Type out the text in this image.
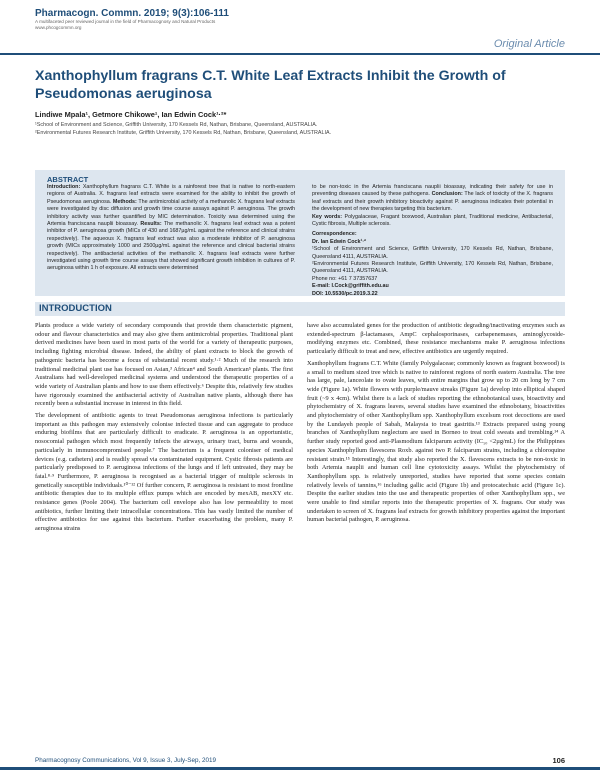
Pharmacogn. Commn. 2019; 9(3):106-111
A multifaceted peer reviewed journal in the field of Pharmacognosy and Natural Products
www.phcogcommn.org
Original Article
Xanthophyllum fragrans C.T. White Leaf Extracts Inhibit the Growth of Pseudomonas aeruginosa
Lindiwe Mpala¹, Getmore Chikowe¹, Ian Edwin Cock¹·²*
¹School of Environment and Science, Griffith University, 170 Kessels Rd, Nathan, Brisbane, Queensland, AUSTRALIA.
²Environmental Futures Research Institute, Griffith University, 170 Kessels Rd, Nathan, Brisbane, Queensland, AUSTRALIA.
ABSTRACT

Introduction: Xanthophyllum fragrans C.T. White is a rainforest tree that is native to north-eastern regions of Australia. X. fragrans leaf extracts were examined for the ability to inhibit the growth of Pseudomonas aeruginosa. Methods: The antimicrobial activity of a methanolic X. fragrans leaf extracts were investigated by disc diffusion and growth time course assays against P. aeruginosa. The growth inhibitory activity was further quantified by MIC determination. Toxicity was determined using the Artemia franciscana nauplii bioassay. Results: The methanolic X. fragrans leaf extract was a potent inhibitor of P. aeruginosa growth (MICs of 430 and 1687µg/mL against the reference and clinical strains respectively). The aqueous X. fragrans leaf extract was also a moderate inhibitor of P. aeruginosa growth (MICs approximately 1000 and 2500µg/mL against the reference and clinical bacterial strains respectively). The antibacterial activities of the methanolic X. fragrans leaf extracts were further investigated using growth time course assays that showed significant growth inhibition in cultures of P. aeruginosa within 1 h of exposure. All extracts were determined

to be non-toxic in the Artemia franciscana nauplii bioassay, indicating their safety for use in preventing diseases caused by these pathogens. Conclusion: The lack of toxicity of the X. fragrans leaf extracts and their growth inhibitory bioactivity against P. aeruginosa indicates their potential in the development of new therapies targeting this bacterium.

Key words: Polygalaceae, Fragant boxwood, Australian plant, Traditional medicine, Antibacterial, Cystic fibrosis, Multiple sclerosis.

Correspondence:

Dr. Ian Edwin Cock¹·²

¹School of Environment and Science, Griffith University, 170 Kessels Rd, Nathan, Brisbane, Queensland 4111, AUSTRALIA.

²Environmental Futures Research Institute, Griffith University, 170 Kessels Rd, Nathan, Brisbane, Queensland 4111, AUSTRALIA.

Phone no: +61 7 37357637

E-mail: I.Cock@griffith.edu.au

DOI: 10.5530/pc.2019.3.22

INTRODUCTION

Plants produce a wide variety of secondary compounds that provide them characteristic pigment, odour and flavour characteristics and may also give them antimicrobial properties. Traditional plant derived medicines have been used in most parts of the world for a variety of therapeutic purposes, including fighting microbial disease. Indeed, the ability of plant extracts to block the growth of pathogenic bacteria has become a focus of substantial recent study.¹·² Much of the research into traditional medicinal plant use has focused on Asian,³ African⁴ and South American⁵ plants. The first Australians had well-developed medicinal systems and understood the therapeutic properties of a wide variety of Australian plants and how to use them effectively.⁶ Despite this, relatively few studies have rigorously examined the antibacterial activity of Australian native plants, although there has recently been a substantial increase in interest in this field.

The development of antibiotic agents to treat Pseudomonas aeruginosa infections is particularly important as this pathogen may extensively colonise infected tissue and can aggregate to produce enduring biofilms that are particularly difficult to eradicate. P. aeruginosa is an opportunistic, nosocomial pathogen which most frequently infects the airways, urinary tract, burns and wounds, particularly in immunocompromised people.⁷ The bacterium is a frequent coloniser of medical devices (e.g. catheters) and is readily spread via contaminated equipment. Cystic fibrosis patients are particularly predisposed to P. aeruginosa infections of the lungs and if left untreated, they may be fatal.⁸·⁹ Furthermore, P. aeruginosa is recognised as a bacterial trigger of multiple sclerosis in genetically susceptible individuals.¹⁰⁻¹² Of further concern, P. aeruginosa is resistant to most frontline antibiotic therapies due to its multiple efflux pumps which are encoded by mexAB, mexXY etc. resistance genes (Poole 2004). The bacterium cell envelope also has low permeability to most antibiotics, further limiting their intracellular concentrations. This has vastly limited the number of effective antibiotics for use against this bacterium. Further exacerbating the problem, many P. aeruginosa strains

have also accumulated genes for the production of antibiotic degrading/inactivating enzymes such as extended-spectrum β-lactamases, AmpC cephalosporinases, carbapenemases, aminoglycoside-modifying enzymes etc. Combined, these resistance mechanisms make P. aeruginosa infections particularly difficult to treat and new, effective antibiotics are urgently required.

Xanthophyllum fragrans C.T. White (family Polygalaceae; commonly known as fragrant boxwood) is a small to medium sized tree which is native to rainforest regions of north eastern Australia. The tree has large, pale, lanceolate to ovate leaves, with entire margins that grow up to 20 cm long by 7 cm wide (Figure 1a). White flowers with purple/mauve streaks (Figure 1a) develop into elliptical shaped fruit (~9 x 4cm). Whilst there is a lack of studies reporting the ethnobotanical uses, bioactivity and phytochemistry of X. fragrans leaves, several studies have examined the ethnobotany, bioactivities and phytochemistry of other Xanthophyllum spp. Xanthophyllum excelsum root decoctions are used by the Lundayeh people of Sabah, Malaysia to treat gastritis.¹³ Extracts prepared using young branches of Xanthophyllum neglectum are used in Borneo to treat cold sweats and trembling.¹⁴ A further study reported good anti-Plasmodium falciparum activity (IC₅₀ <2µg/mL) for the Philippines species Xanthophyllum flavescens Roxb. against two P. falciparum strains, including a chloroquine resistant strain.¹⁵ Interestingly, that study also reported the X. flavescens extracts to be non-toxic in both Artemia nauplii and human cell line cytotoxicity assays. Whilst the phytochemistry of Xanthophyllum spp. is relatively unreported, studies have reported that some species contain relatively levels of tannins,¹⁶ including gallic acid (Figure 1b) and protocatechuic acid (Figure 1c). Despite the earlier studies into the use and therapeutic properties of other Xanthophyllum spp., we were unable to find similar reports into the therapeutic properties of X. fragrans. Our study was undertaken to screen of X. fragrans leaf extracts for growth inhibitory properties against the important human bacterial pathogen, P. aeruginosa.

Pharmacognosy Communications, Vol 9, Issue 3, July-Sep, 2019	106
